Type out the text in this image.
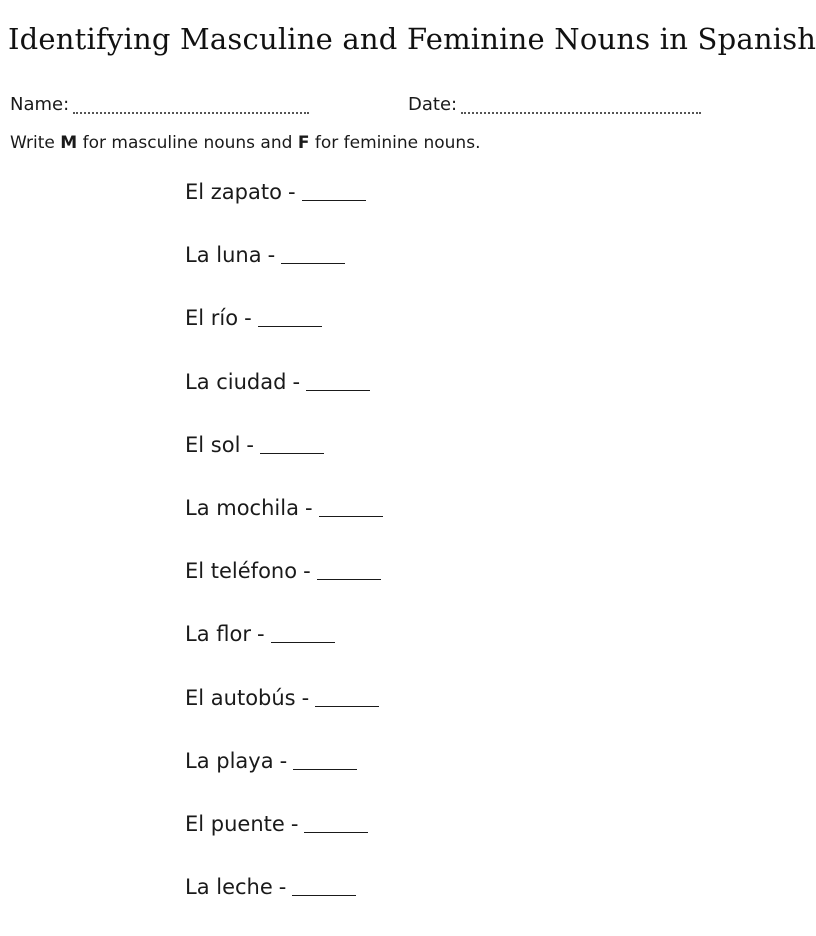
Identifying Masculine and Feminine Nouns in Spanish
Name:	Date:
Write M for masculine nouns and F for feminine nouns.
El zapato -
La luna -
El río -
La ciudad -
El sol -
La mochila -
El teléfono -
La flor -
El autobús -
La playa -
El puente -
La leche -
